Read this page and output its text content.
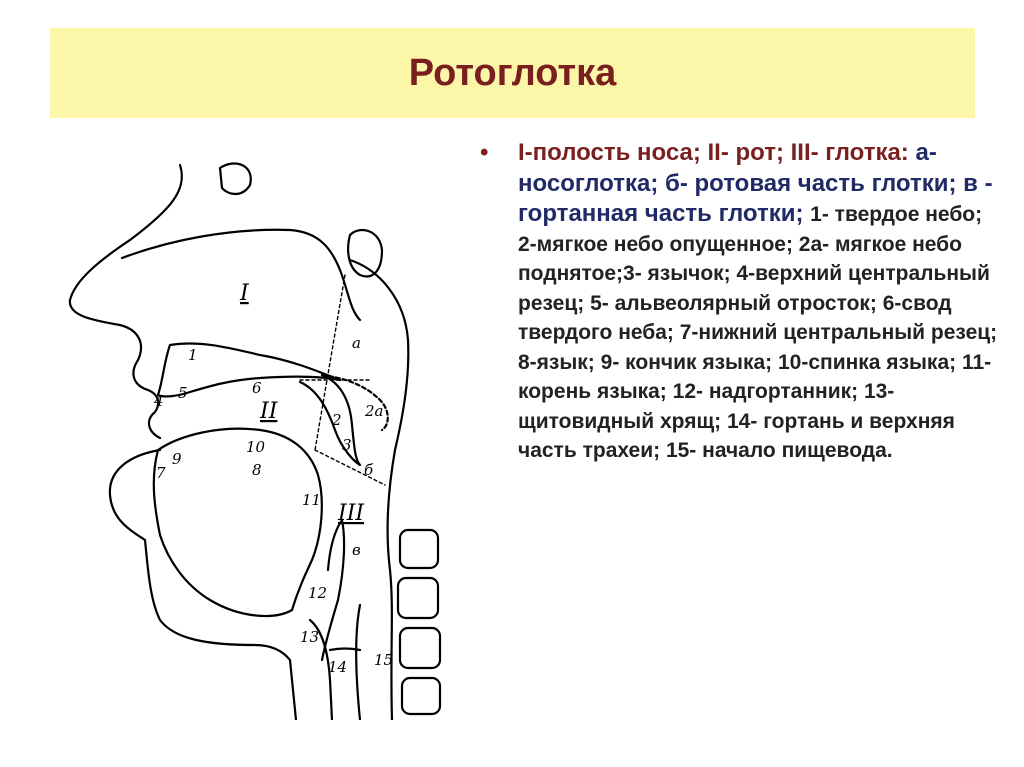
Ротоглотка
I
II
III
а
б
в
1
2 2а
3
4 5	6
7	8
9
10
11
12
13
14 15
• I-полость носа; II- рот; III- глотка: а- носоглотка; б- ротовая часть глотки; в - гортанная часть глотки; 1- твердое небо; 2-мягкое небо опущенное; 2а- мягкое небо поднятое;3- язычок; 4-верхний центральный резец; 5- альвеолярный отросток; 6-свод твердого неба; 7-нижний центральный резец; 8-язык; 9- кончик языка; 10-спинка языка; 11-корень языка; 12- надгортанник; 13-щитовидный хрящ; 14- гортань и верхняя часть трахеи; 15- начало пищевода.
